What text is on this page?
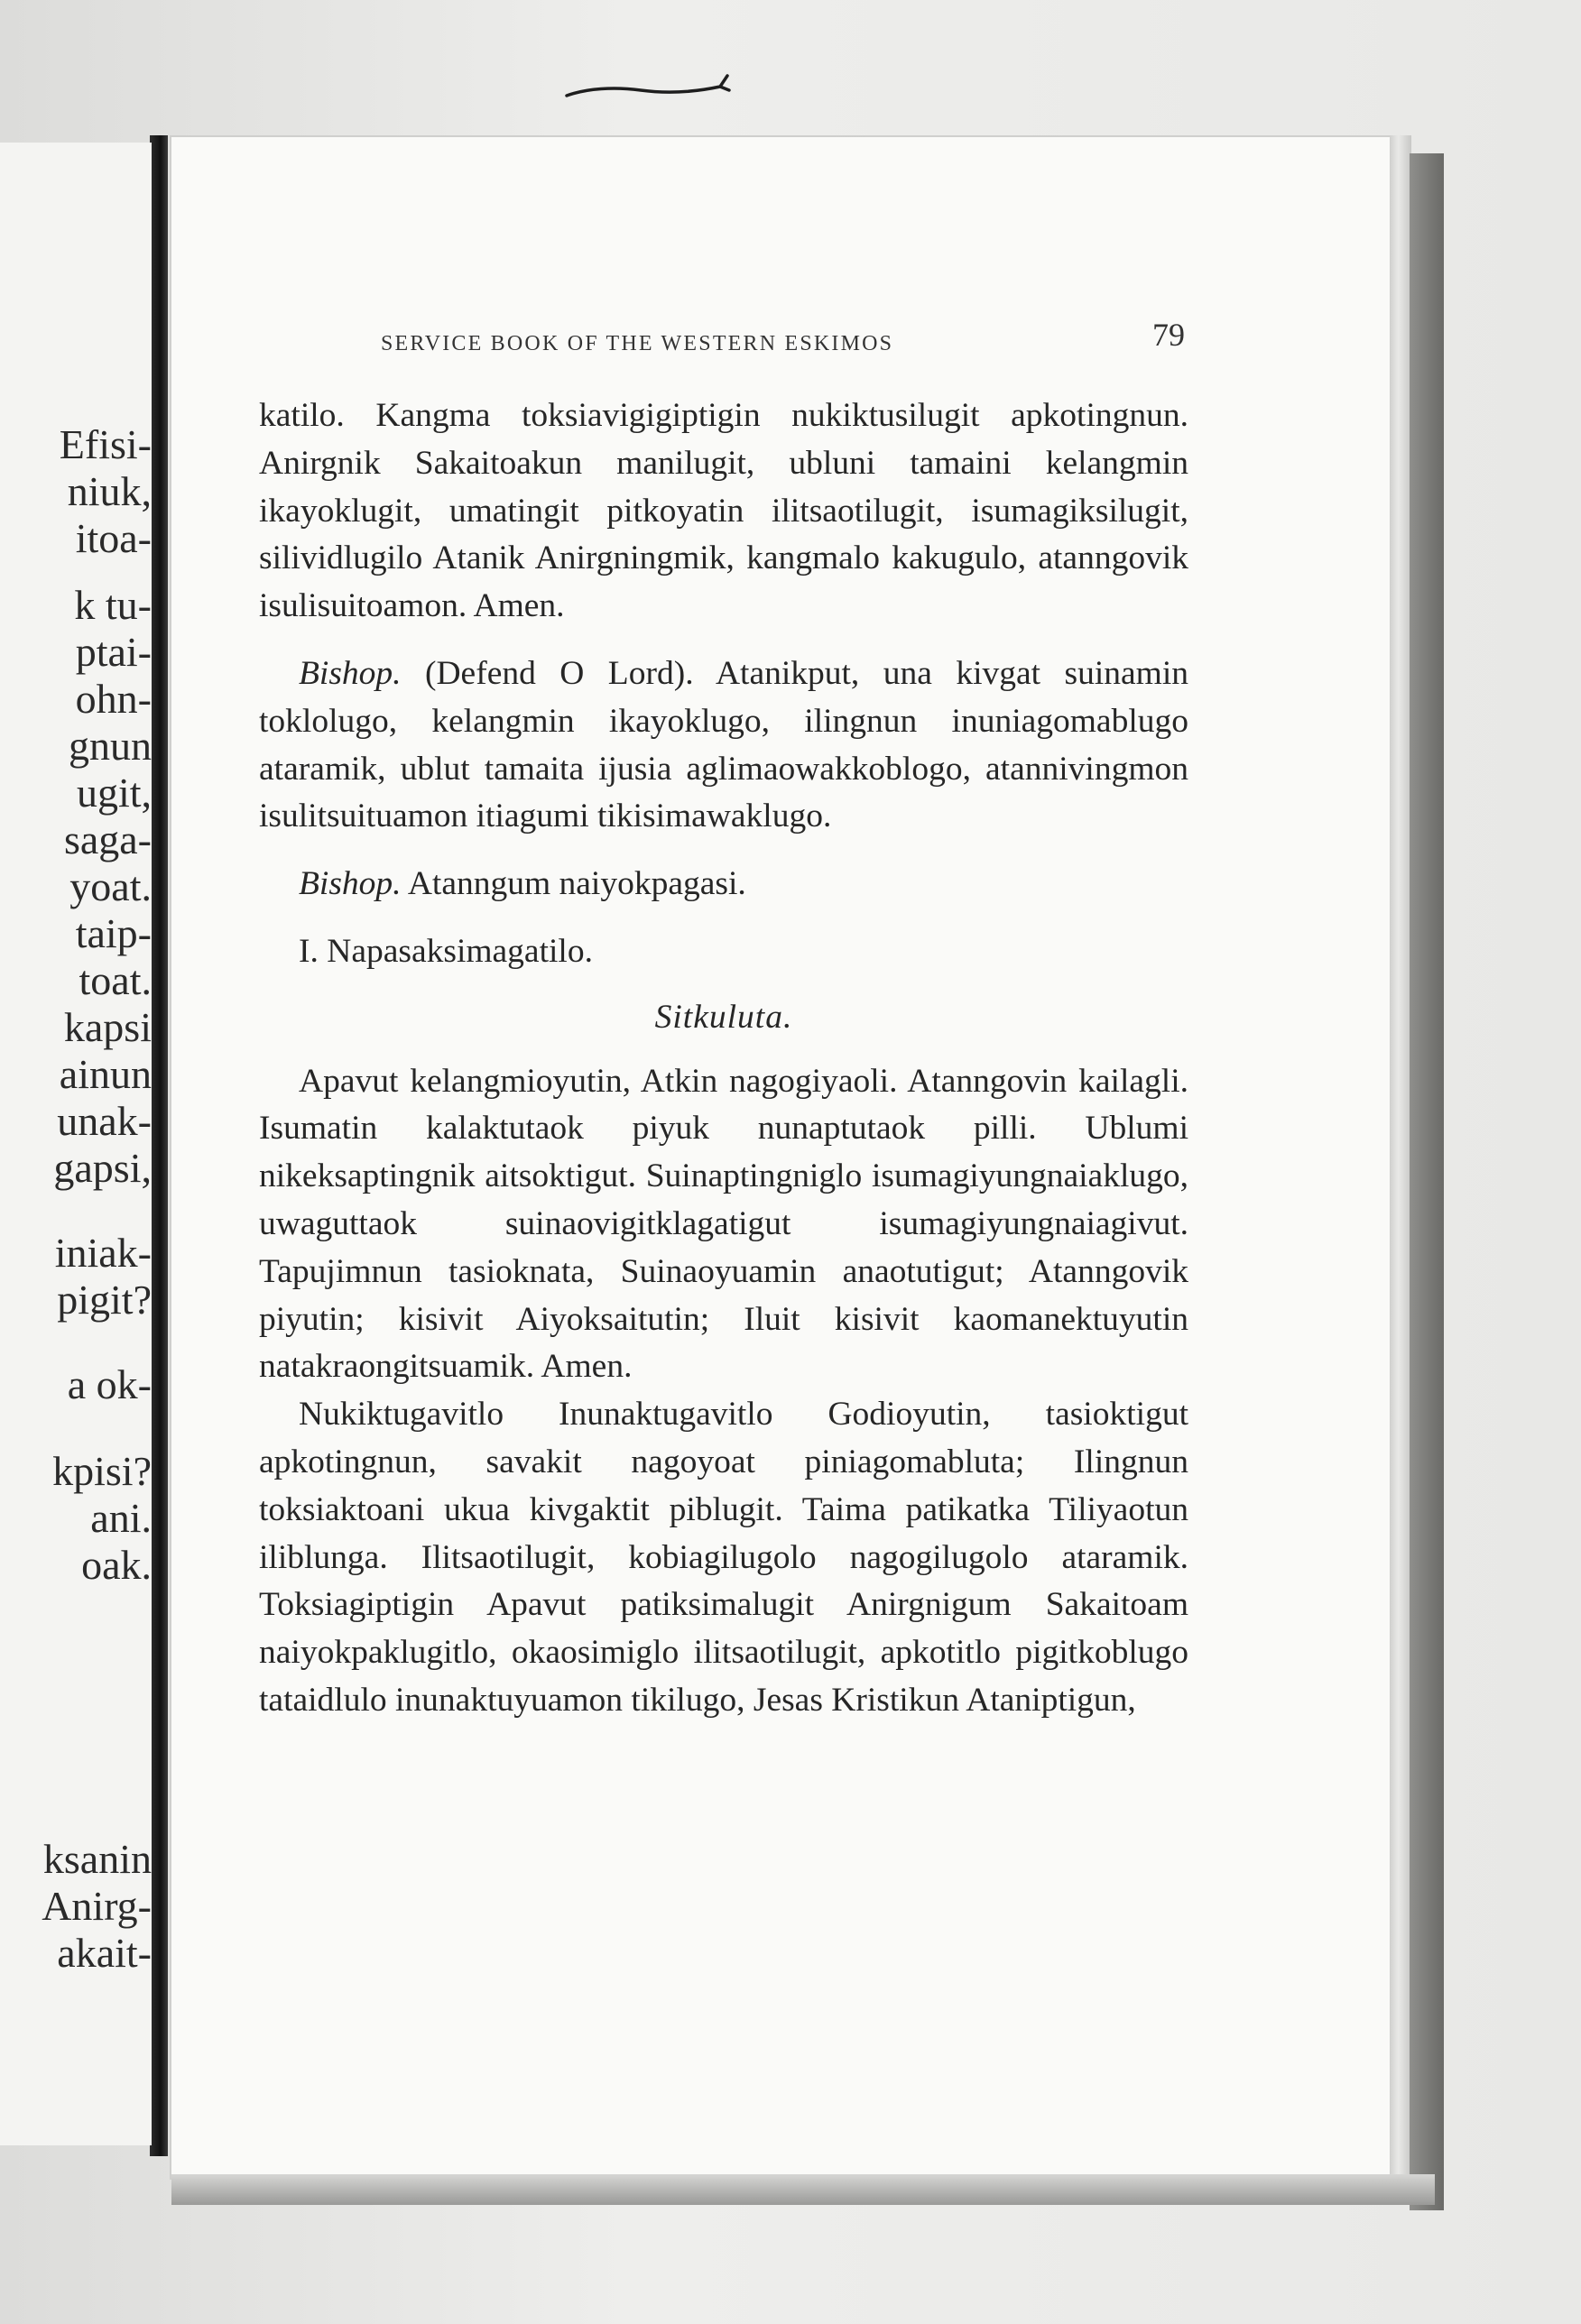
Efisi-
niuk,
itoa-
k tu-
ptai-
ohn-
gnun
ugit,
saga-
yoat.
taip-
toat.
kapsi
ainun
unak-
gapsi,
iniak-
pigit?
a ok-
kpisi?
ani.
oak.
ksanin
Anirg-
akait-
SERVICE BOOK OF THE WESTERN ESKIMOS	79

katilo. Kangma toksiavigigiptigin nukiktusilugit apkotingnun. Anirgnik Sakaitoakun manilugit, ubluni tamaini kelangmin ikayoklugit, umatingit pitkoyatin ilitsaotilugit, isumagiksilugit, silividlugilo Atanik Anirgningmik, kangmalo kakugulo, atanngovik isulisuitoamon. Amen.

Bishop. (Defend O Lord). Atanikput, una kivgat suinamin toklolugo, kelangmin ikayoklugo, ilingnun inuniagomablugo ataramik, ublut tamaita ijusia aglimaowakkoblogo, atannivingmon isulitsuituamon itiagumi tikisimawaklugo.

Bishop. Atanngum naiyokpagasi.

I. Napasaksimagatilo.

Sitkuluta.

Apavut kelangmioyutin, Atkin nagogiyaoli. Atanngovin kailagli. Isumatin kalaktutaok piyuk nunaptutaok pilli. Ublumi nikeksaptingnik aitsoktigut. Suinaptingniglo isumagiyungnaiaklugo, uwaguttaok suinaovigitklagatigut isumagiyungnaiagivut. Tapujimnun tasioknata, Suinaoyuamin anaotutigut; Atanngovik piyutin; kisivit Aiyoksaitutin; Iluit kisivit kaomanektuyutin natakraongitsuamik. Amen.

Nukiktugavitlo Inunaktugavitlo Godioyutin, tasioktigut apkotingnun, savakit nagoyoat piniagomabluta; Ilingnun toksiaktoani ukua kivgaktit piblugit. Taima patikatka Tiliyaotun iliblunga. Ilitsaotilugit, kobiagilugolo nagogilugolo ataramik. Toksiagiptigin Apavut patiksimalugit Anirgnigum Sakaitoam naiyokpaklugitlo, okaosimiglo ilitsaotilugit, apkotitlo pigitkoblugo tataidlulo inunaktuyuamon tikilugo, Jesas Kristikun Ataniptigun,
